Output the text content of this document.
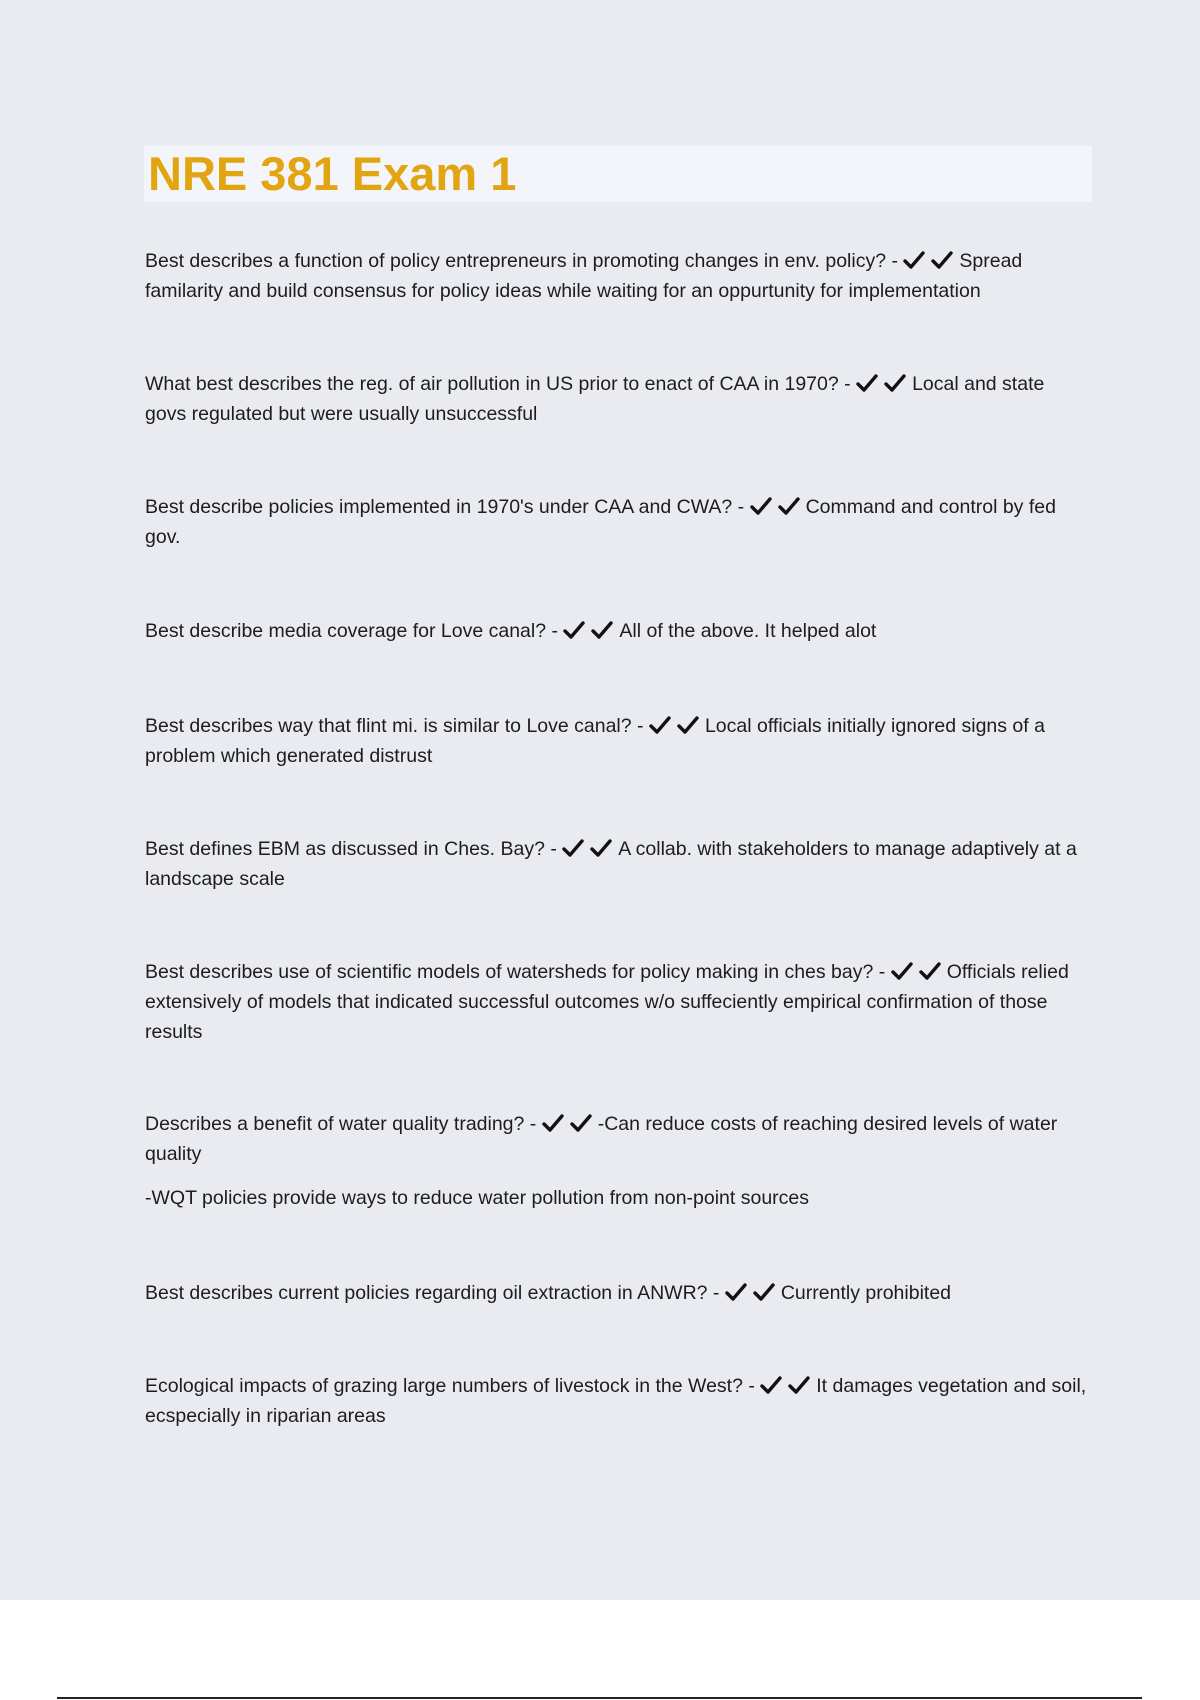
NRE 381 Exam 1

Best describes a function of policy entrepreneurs in promoting changes in env. policy? -	Spread familarity and build consensus for policy ideas while waiting for an oppurtunity for implementation

What best describes the reg. of air pollution in US prior to enact of CAA in 1970? -	Local and state govs regulated but were usually unsuccessful

Best describe policies implemented in 1970's under CAA and CWA? -	Command and control by fed gov.

Best describe media coverage for Love canal? -	All of the above. It helped alot

Best describes way that flint mi. is similar to Love canal? -	Local officials initially ignored signs of a problem which generated distrust

Best defines EBM as discussed in Ches. Bay? -	A collab. with stakeholders to manage adaptively at a landscape scale

Best describes use of scientific models of watersheds for policy making in ches bay? -	Officials relied extensively of models that indicated successful outcomes w/o suffeciently empirical confirmation of those results

Describes a benefit of water quality trading? -	-Can reduce costs of reaching desired levels of water quality

-WQT policies provide ways to reduce water pollution from non-point sources

Best describes current policies regarding oil extraction in ANWR? -	Currently prohibited

Ecological impacts of grazing large numbers of livestock in the West? -	It damages vegetation and soil, ecspecially in riparian areas
